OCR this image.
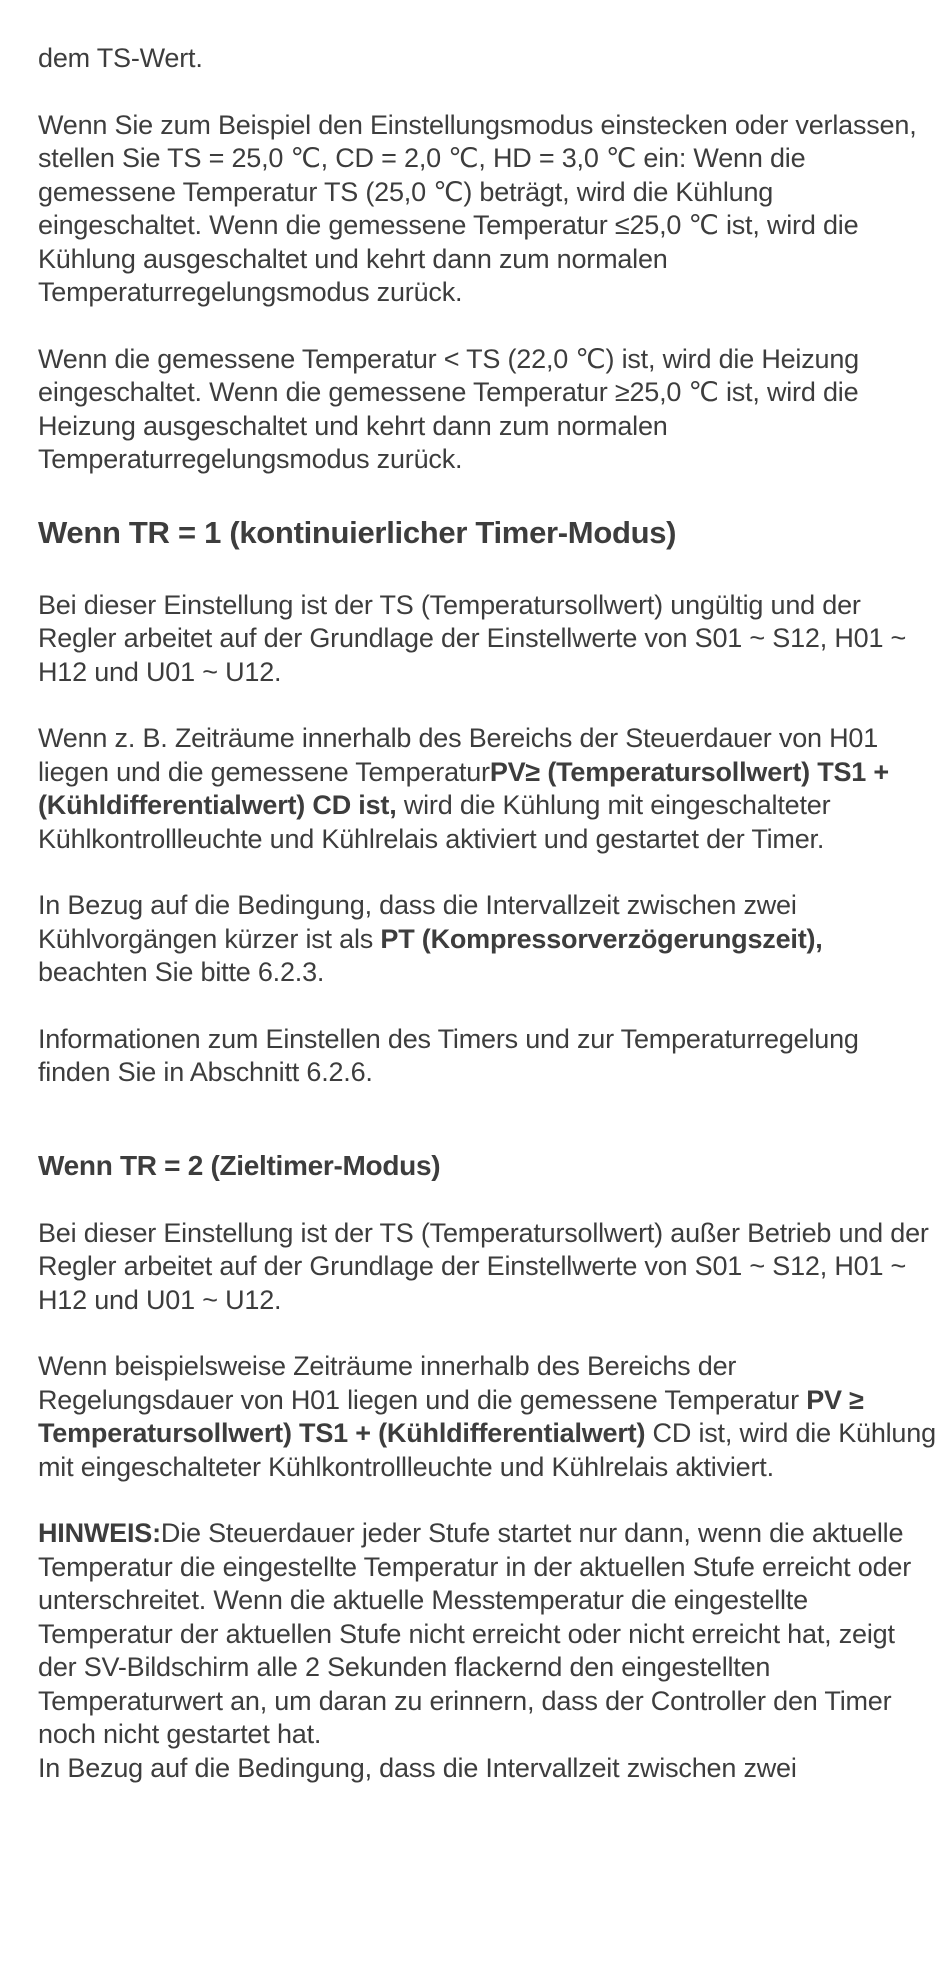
dem TS-Wert.

Wenn Sie zum Beispiel den Einstellungsmodus einstecken oder verlassen, stellen Sie TS = 25,0 ℃, CD = 2,0 ℃, HD = 3,0 ℃ ein: Wenn die gemessene Temperatur TS (25,0 ℃) beträgt, wird die Kühlung eingeschaltet. Wenn die gemessene Temperatur ≤25,0 ℃ ist, wird die Kühlung ausgeschaltet und kehrt dann zum normalen Temperaturregelungsmodus zurück.

Wenn die gemessene Temperatur < TS (22,0 ℃) ist, wird die Heizung eingeschaltet. Wenn die gemessene Temperatur ≥25,0 ℃ ist, wird die Heizung ausgeschaltet und kehrt dann zum normalen Temperaturregelungsmodus zurück.

Wenn TR = 1 (kontinuierlicher Timer-Modus)

Bei dieser Einstellung ist der TS (Temperatursollwert) ungültig und der Regler arbeitet auf der Grundlage der Einstellwerte von S01 ~ S12, H01 ~ H12 und U01 ~ U12.

Wenn z. B. Zeiträume innerhalb des Bereichs der Steuerdauer von H01 liegen und die gemessene TemperaturPV≥ (Temperatursollwert) TS1 + (Kühldifferentialwert) CD ist, wird die Kühlung mit eingeschalteter Kühlkontrollleuchte und Kühlrelais aktiviert und gestartet der Timer.

In Bezug auf die Bedingung, dass die Intervallzeit zwischen zwei Kühlvorgängen kürzer ist als PT (Kompressorverzögerungszeit), beachten Sie bitte 6.2.3.

Informationen zum Einstellen des Timers und zur Temperaturregelung finden Sie in Abschnitt 6.2.6.

Wenn TR = 2 (Zieltimer-Modus)

Bei dieser Einstellung ist der TS (Temperatursollwert) außer Betrieb und der Regler arbeitet auf der Grundlage der Einstellwerte von S01 ~ S12, H01 ~ H12 und U01 ~ U12.

Wenn beispielsweise Zeiträume innerhalb des Bereichs der Regelungsdauer von H01 liegen und die gemessene Temperatur PV ≥ Temperatursollwert) TS1 + (Kühldifferentialwert) CD ist, wird die Kühlung mit eingeschalteter Kühlkontrollleuchte und Kühlrelais aktiviert.

HINWEIS:Die Steuerdauer jeder Stufe startet nur dann, wenn die aktuelle Temperatur die eingestellte Temperatur in der aktuellen Stufe erreicht oder unterschreitet. Wenn die aktuelle Messtemperatur die eingestellte Temperatur der aktuellen Stufe nicht erreicht oder nicht erreicht hat, zeigt der SV-Bildschirm alle 2 Sekunden flackernd den eingestellten Temperaturwert an, um daran zu erinnern, dass der Controller den Timer noch nicht gestartet hat.

In Bezug auf die Bedingung, dass die Intervallzeit zwischen zwei
